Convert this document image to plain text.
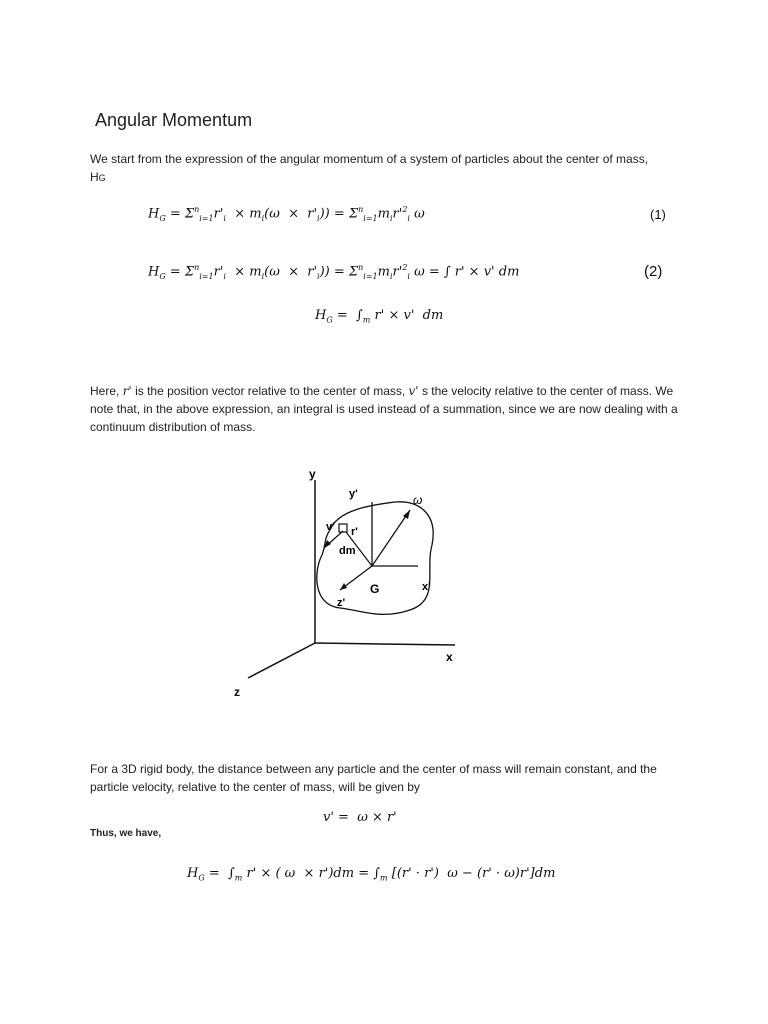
Angular Momentum
We start from the expression of the angular momentum of a system of particles about the center of mass,
HG
$H_G = \Sigma^n_{i=1}r'_i \times m_i(\omega \times r'_i)) = \Sigma^n_{i=1}m_ir'^2_i$ ω	(1)
$H_G = \Sigma^n_{i=1}r'_i \times m_i(\omega \times r'_i)) = \Sigma^n_{i=1}m_ir'^2_i$ ω = ∫ r' × v' dm	(2)
$H_G = \int_m$ r' × v'  dm
Here, r' is the position vector relative to the center of mass, v' s the velocity relative to the center of mass. We note that, in the above expression, an integral is used instead of a summation, since we are now dealing with a continuum distribution of mass.
y
x
z
y'
x'
z'
ω
v' r'
dm
G
For a 3D rigid body, the distance between any particle and the center of mass will remain constant, and the particle velocity, relative to the center of mass, will be given by
v' =  ω × r'
Thus, we have,
$H_G = \int_m$ r' × ( $\omega \times r')dm = \int_m$ [(r' · r')  ω − (r' · ω)r']dm
